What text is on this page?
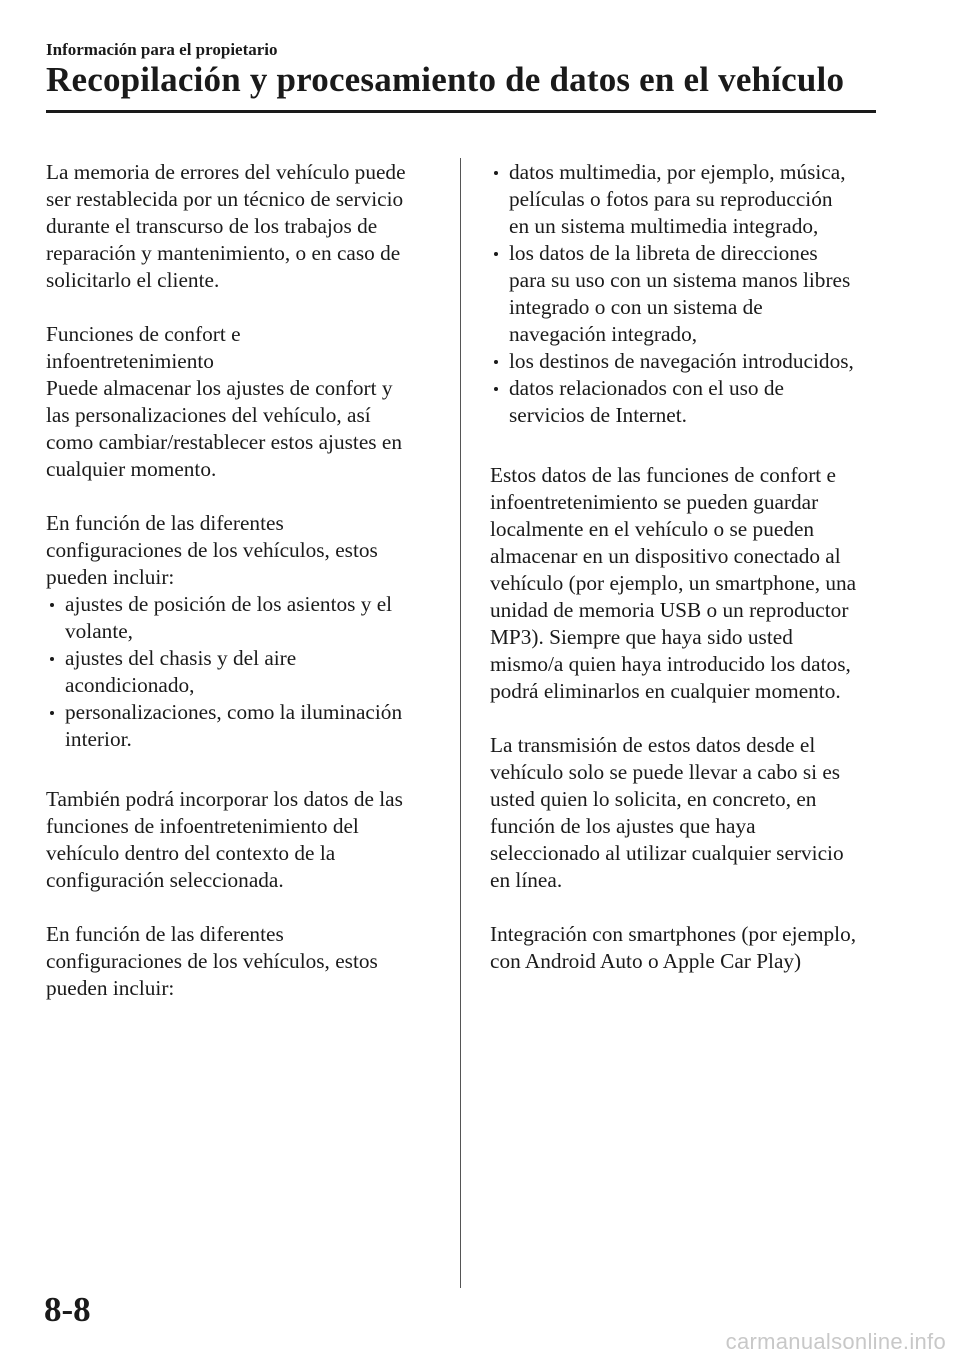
Información para el propietario
Recopilación y procesamiento de datos en el vehículo

La memoria de errores del vehículo puede
ser restablecida por un técnico de servicio
durante el transcurso de los trabajos de
reparación y mantenimiento, o en caso de
solicitarlo el cliente.

Funciones de confort e
infoentretenimiento
Puede almacenar los ajustes de confort y
las personalizaciones del vehículo, así
como cambiar/restablecer estos ajustes en
cualquier momento.

En función de las diferentes
configuraciones de los vehículos, estos
pueden incluir:

ajustes de posición de los asientos y el
volante,
ajustes del chasis y del aire
acondicionado,
personalizaciones, como la iluminación
interior.

También podrá incorporar los datos de las
funciones de infoentretenimiento del
vehículo dentro del contexto de la
configuración seleccionada.

En función de las diferentes
configuraciones de los vehículos, estos
pueden incluir:

datos multimedia, por ejemplo, música,
películas o fotos para su reproducción
en un sistema multimedia integrado,
los datos de la libreta de direcciones
para su uso con un sistema manos libres
integrado o con un sistema de
navegación integrado,
los destinos de navegación introducidos,
datos relacionados con el uso de
servicios de Internet.

Estos datos de las funciones de confort e
infoentretenimiento se pueden guardar
localmente en el vehículo o se pueden
almacenar en un dispositivo conectado al
vehículo (por ejemplo, un smartphone, una
unidad de memoria USB o un reproductor
MP3). Siempre que haya sido usted
mismo/a quien haya introducido los datos,
podrá eliminarlos en cualquier momento.

La transmisión de estos datos desde el
vehículo solo se puede llevar a cabo si es
usted quien lo solicita, en concreto, en
función de los ajustes que haya
seleccionado al utilizar cualquier servicio
en línea.

Integración con smartphones (por ejemplo,
con Android Auto o Apple Car Play)

8-8
carmanualsonline.info
